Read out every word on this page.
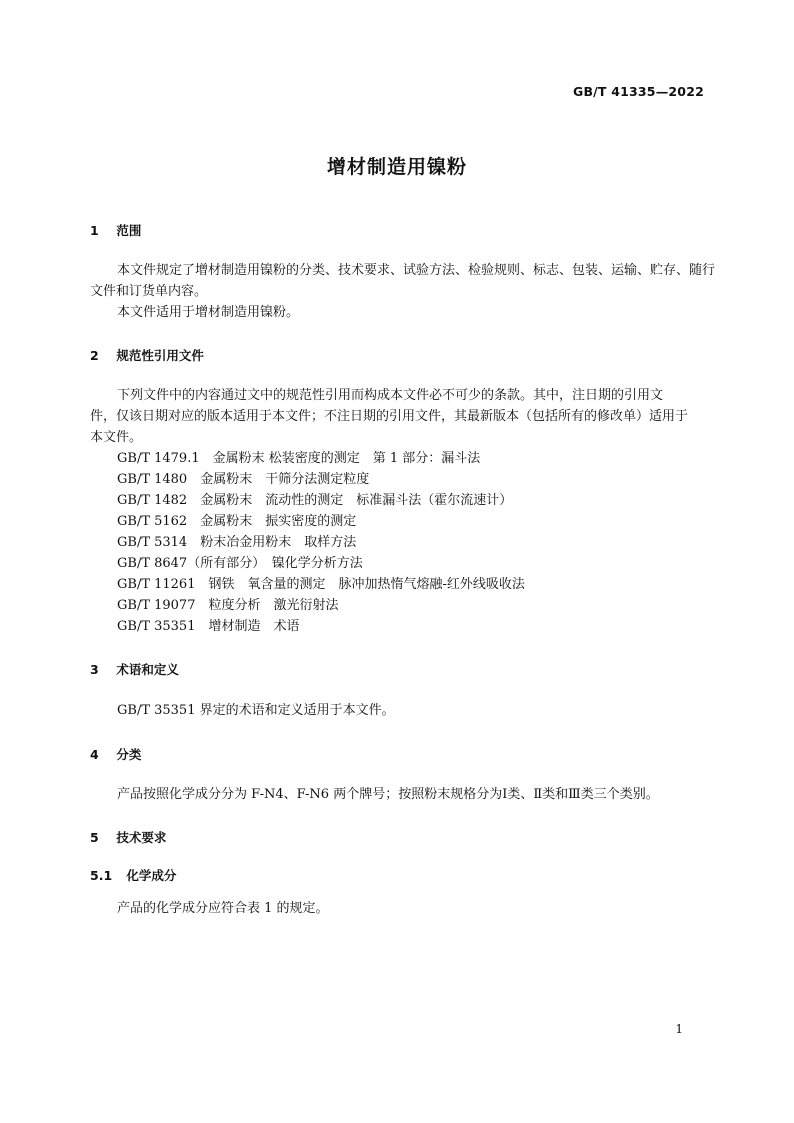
GB/T 41335—2022
增材制造用镍粉
1 范围
本文件规定了增材制造用镍粉的分类、技术要求、试验方法、检验规则、标志、包装、运输、贮存、随行
文件和订货单内容。
本文件适用于增材制造用镍粉。
2 规范性引用文件
下列文件中的内容通过文中的规范性引用而构成本文件必不可少的条款。其中，注日期的引用文
件，仅该日期对应的版本适用于本文件；不注日期的引用文件，其最新版本（包括所有的修改单）适用于
本文件。
GB/T 1479.1　金属粉末 松装密度的测定　第 1 部分：漏斗法
GB/T 1480　金属粉末　干筛分法测定粒度
GB/T 1482　金属粉末　流动性的测定　标准漏斗法（霍尔流速计）
GB/T 5162　金属粉末　振实密度的测定
GB/T 5314　粉末冶金用粉末　取样方法
GB/T 8647（所有部分）　镍化学分析方法
GB/T 11261　钢铁　氧含量的测定　脉冲加热惰气熔融-红外线吸收法
GB/T 19077　粒度分析　激光衍射法
GB/T 35351　增材制造　术语
3 术语和定义
GB/T 35351 界定的术语和定义适用于本文件。
4 分类
产品按照化学成分分为 F-N4、F-N6 两个牌号；按照粉末规格分为Ⅰ类、Ⅱ类和Ⅲ类三个类别。
5 技术要求
5.1 化学成分
产品的化学成分应符合表 1 的规定。
1
